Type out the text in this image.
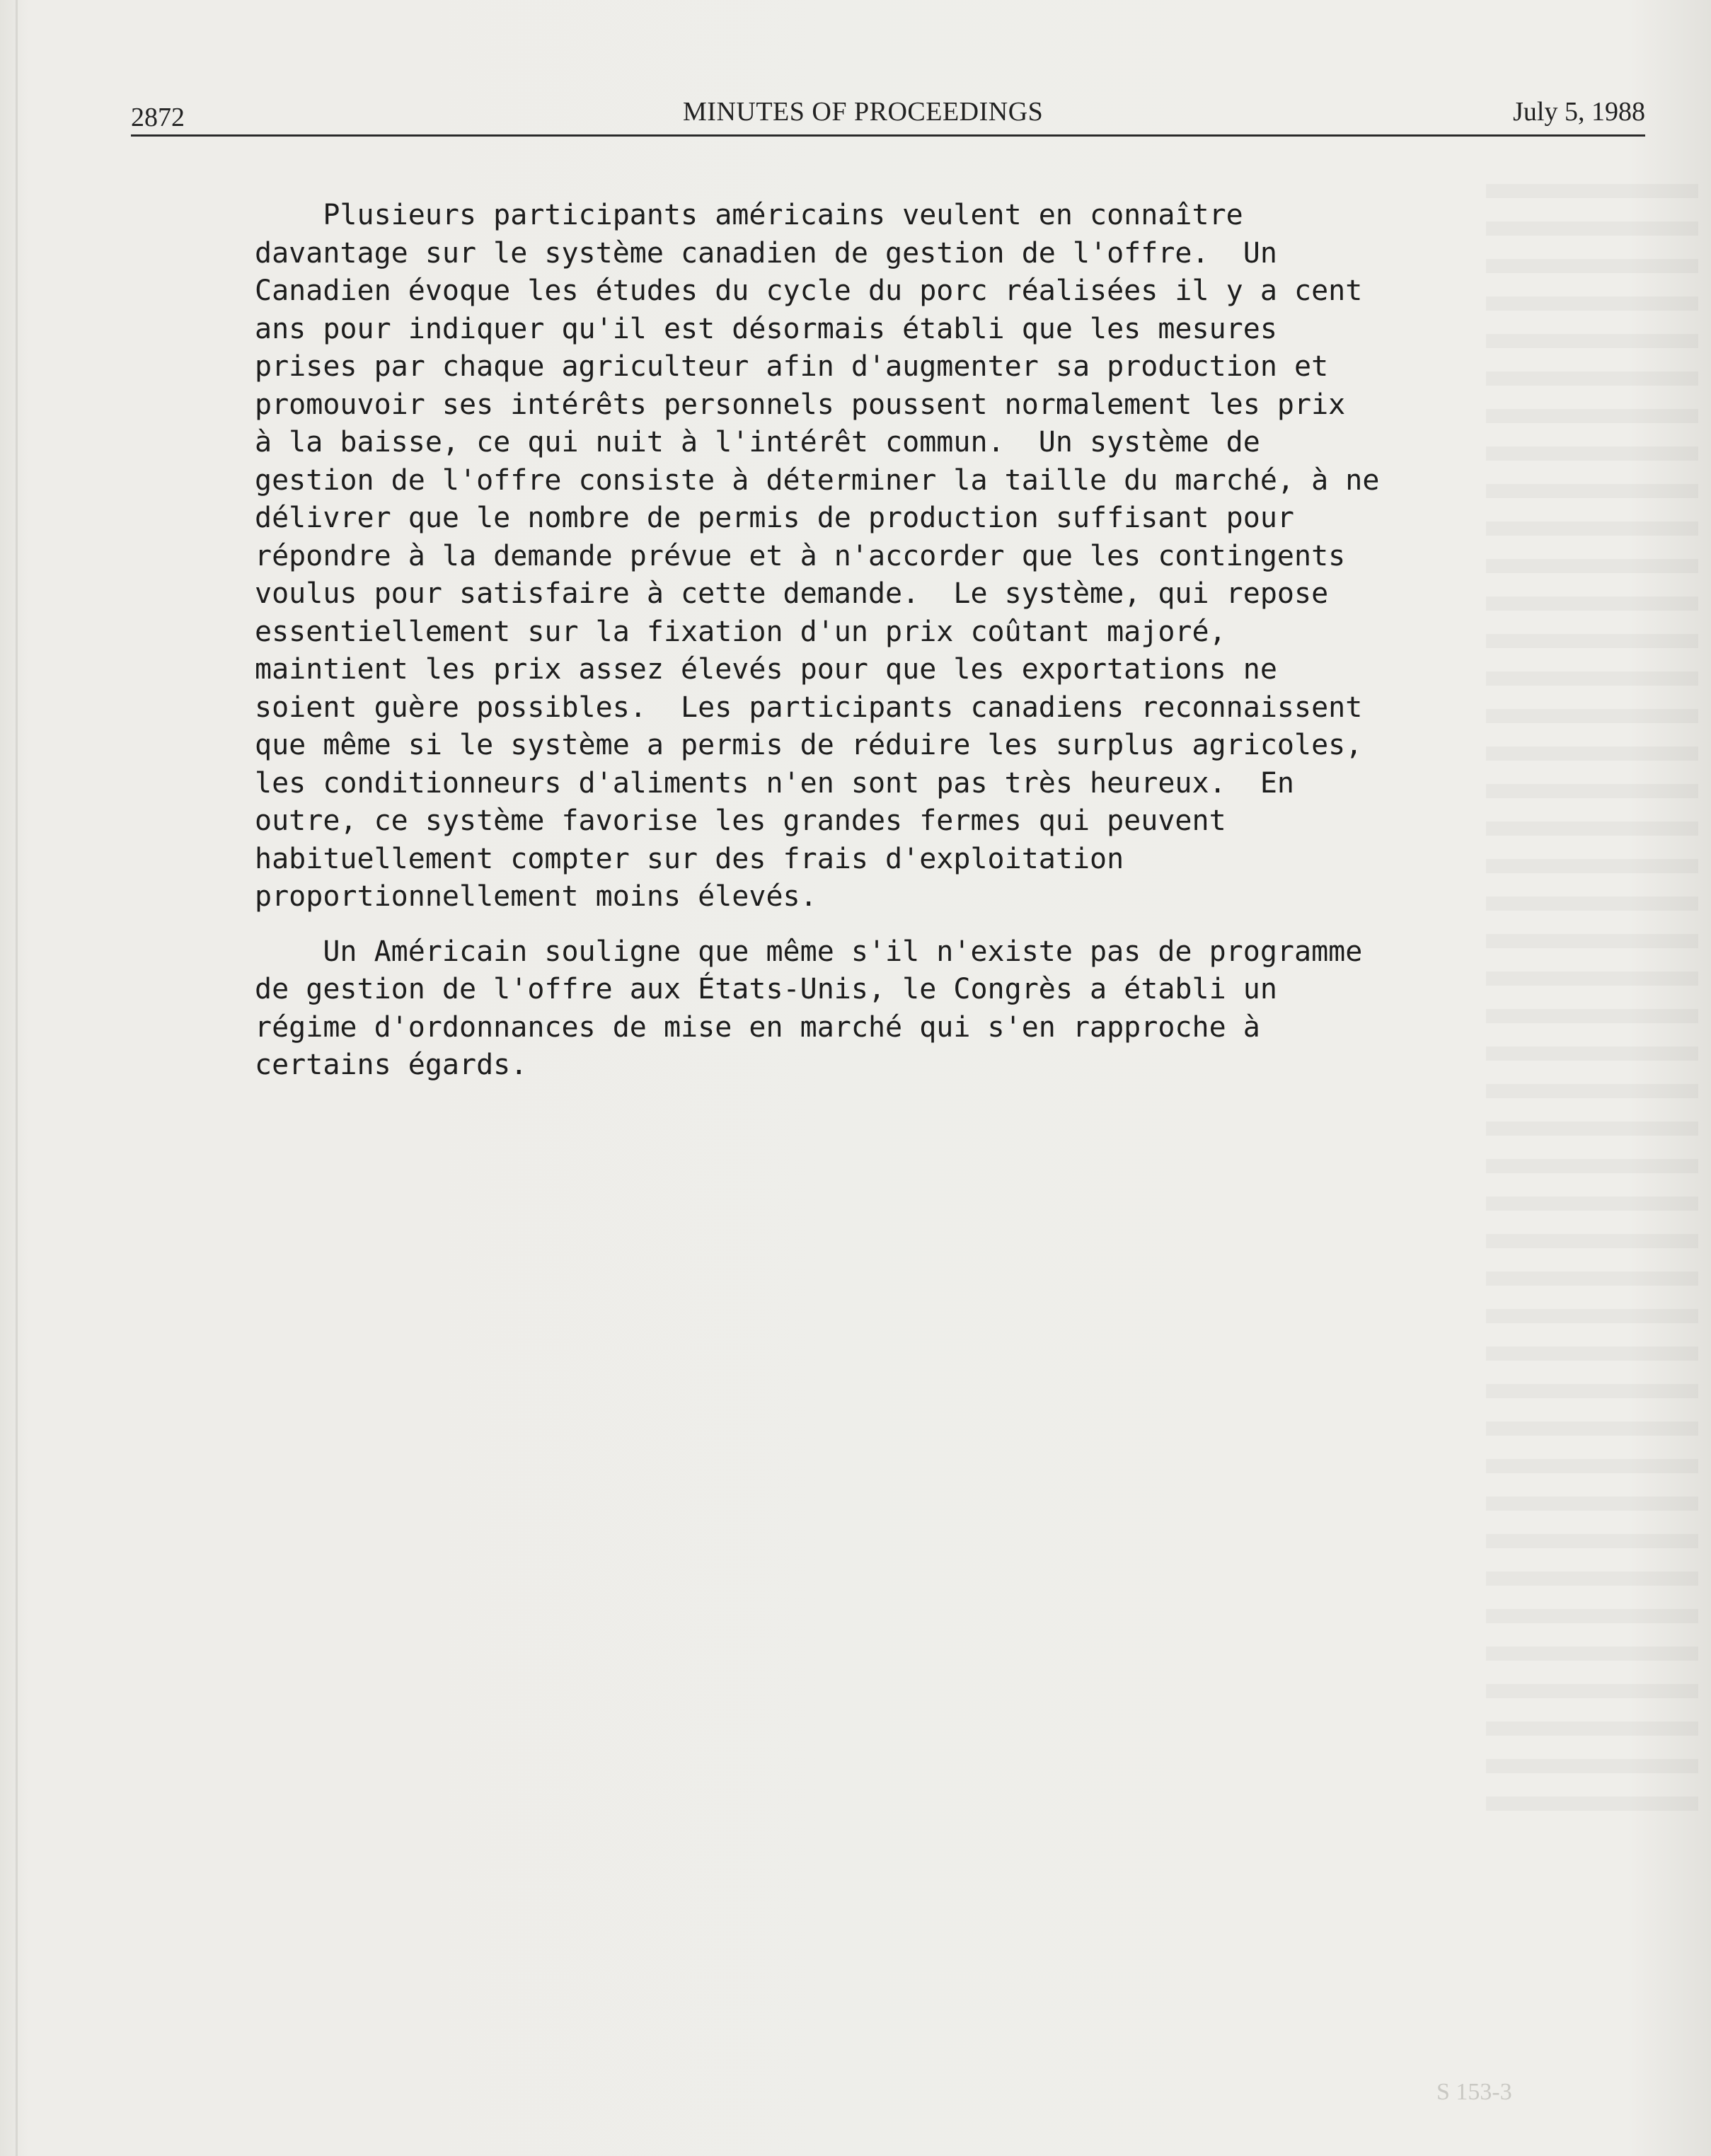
2872	MINUTES OF PROCEEDINGS	July 5, 1988

Plusieurs participants américains veulent en connaître
davantage sur le système canadien de gestion de l'offre.  Un
Canadien évoque les études du cycle du porc réalisées il y a cent
ans pour indiquer qu'il est désormais établi que les mesures
prises par chaque agriculteur afin d'augmenter sa production et
promouvoir ses intérêts personnels poussent normalement les prix
à la baisse, ce qui nuit à l'intérêt commun.  Un système de
gestion de l'offre consiste à déterminer la taille du marché, à ne
délivrer que le nombre de permis de production suffisant pour
répondre à la demande prévue et à n'accorder que les contingents
voulus pour satisfaire à cette demande.  Le système, qui repose
essentiellement sur la fixation d'un prix coûtant majoré,
maintient les prix assez élevés pour que les exportations ne
soient guère possibles.  Les participants canadiens reconnaissent
que même si le système a permis de réduire les surplus agricoles,
les conditionneurs d'aliments n'en sont pas très heureux.  En
outre, ce système favorise les grandes fermes qui peuvent
habituellement compter sur des frais d'exploitation
proportionnellement moins élevés.

Un Américain souligne que même s'il n'existe pas de programme
de gestion de l'offre aux États-Unis, le Congrès a établi un
régime d'ordonnances de mise en marché qui s'en rapproche à
certains égards.

S 153-3
